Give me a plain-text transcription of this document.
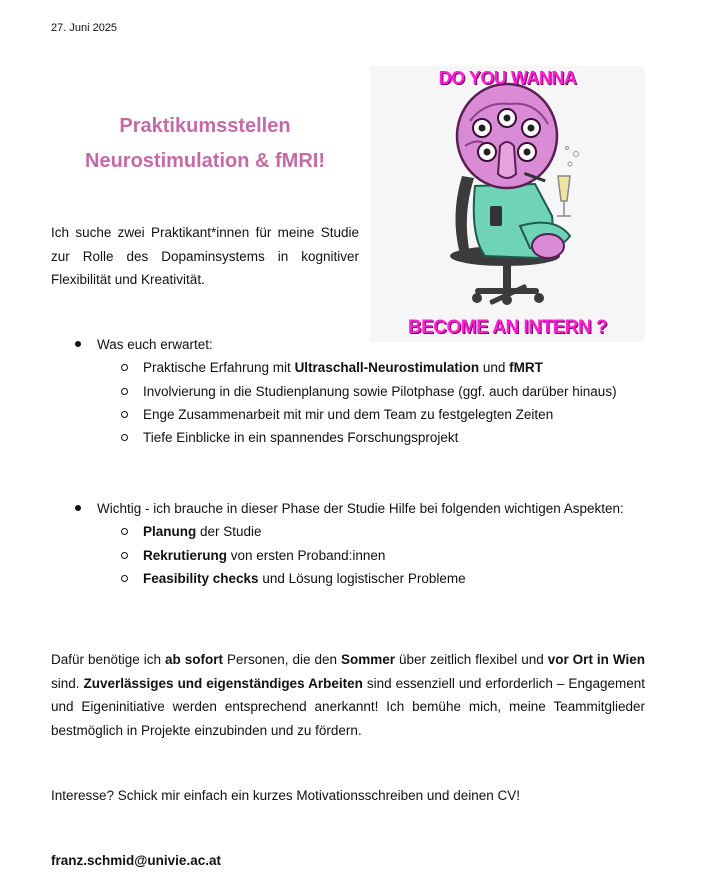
27. Juni 2025
Praktikumsstellen
Neurostimulation & fMRI!
Ich suche zwei Praktikant*innen für meine Studie zur Rolle des Dopaminsystems in kognitiver Flexibilität und Kreativität.
DO YOU WANNA
BECOME AN INTERN ?
Was euch erwartet:
Praktische Erfahrung mit Ultraschall-Neurostimulation und fMRT
Involvierung in die Studienplanung sowie Pilotphase (ggf. auch darüber hinaus)
Enge Zusammenarbeit mit mir und dem Team zu festgelegten Zeiten
Tiefe Einblicke in ein spannendes Forschungsprojekt
Wichtig - ich brauche in dieser Phase der Studie Hilfe bei folgenden wichtigen Aspekten:
Planung der Studie
Rekrutierung von ersten Proband:innen
Feasibility checks und Lösung logistischer Probleme
Dafür benötige ich ab sofort Personen, die den Sommer über zeitlich flexibel und vor Ort in Wien sind. Zuverlässiges und eigenständiges Arbeiten sind essenziell und erforderlich – Engagement und Eigeninitiative werden entsprechend anerkannt! Ich bemühe mich, meine Teammitglieder bestmöglich in Projekte einzubinden und zu fördern.
Interesse? Schick mir einfach ein kurzes Motivationsschreiben und deinen CV!
franz.schmid@univie.ac.at
